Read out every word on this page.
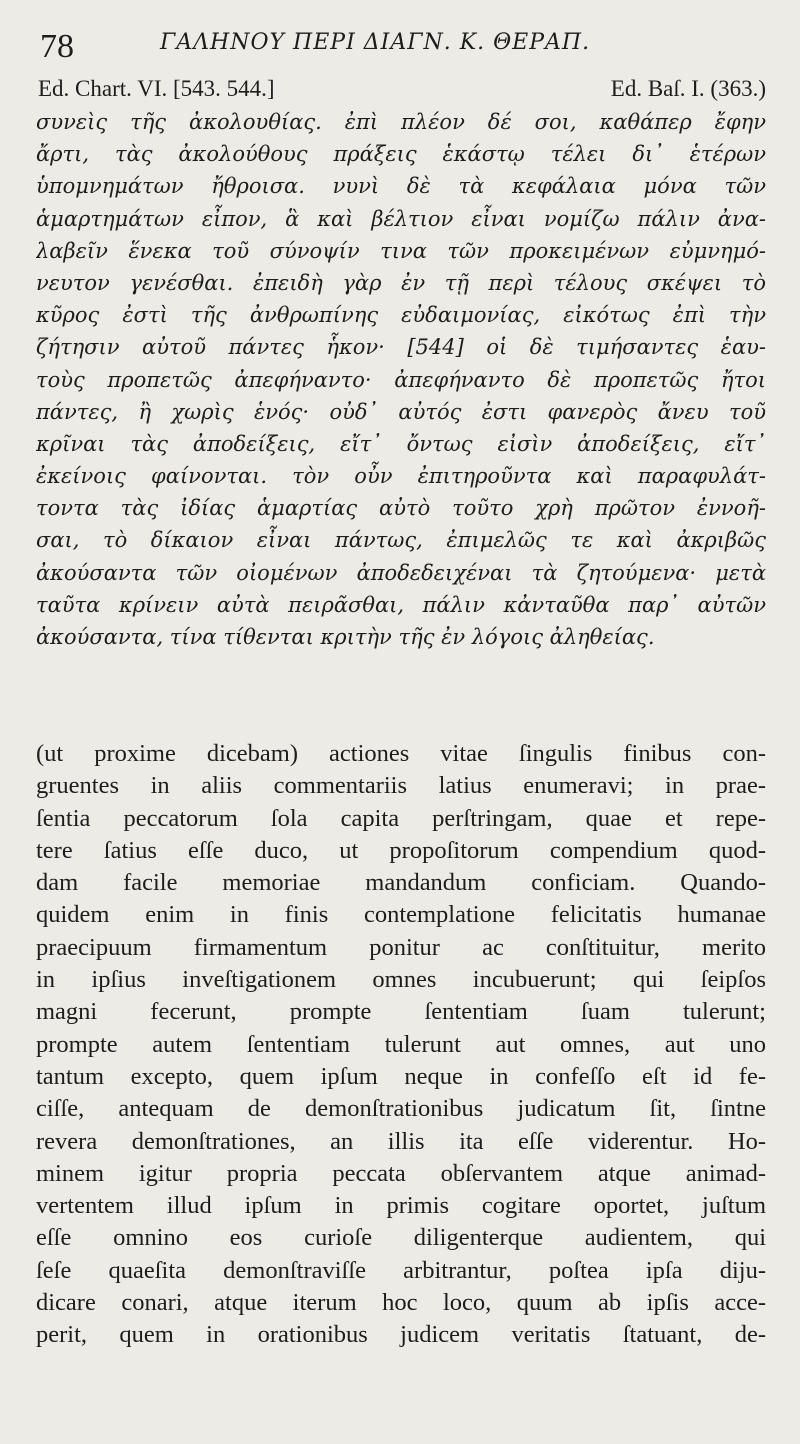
78	ΓΑΛΗΝΟΥ ΠΕΡΙ ΔΙΑΓΝ. Κ. ΘΕΡΑΠ.
Ed. Chart. VI. [543. 544.]	Ed. Baſ. I. (363.)
συνεὶς τῆς ἀκολουθίας. ἐπὶ πλέον δέ σοι, καθάπερ ἔφην
ἄρτι, τὰς ἀκολούθους πράξεις ἑκάστῳ τέλει δι᾽ ἑτέρων
ὑπομνημάτων ἤθροισα. νυνὶ δὲ τὰ κεφάλαια μόνα τῶν
ἁμαρτημάτων εἶπον, ἃ καὶ βέλτιον εἶναι νομίζω πάλιν ἀνα-
λαβεῖν ἕνεκα τοῦ σύνοψίν τινα τῶν προκειμένων εὐμνημό-
νευτον γενέσθαι. ἐπειδὴ γὰρ ἐν τῇ περὶ τέλους σκέψει τὸ
κῦρος ἐστὶ τῆς ἀνθρωπίνης εὐδαιμονίας, εἰκότως ἐπὶ τὴν
ζήτησιν αὐτοῦ πάντες ἧκον· [544] οἱ δὲ τιμήσαντες ἑαυ-
τοὺς προπετῶς ἀπεφήναντο· ἀπεφήναντο δὲ προπετῶς ἤτοι
πάντες, ἢ χωρὶς ἑνός· οὐδ᾽ αὐτός ἐστι φανερὸς ἄνευ τοῦ
κρῖναι τὰς ἀποδείξεις, εἴτ᾽ ὄντως εἰσὶν ἀποδείξεις, εἴτ᾽
ἐκείνοις φαίνονται. τὸν οὖν ἐπιτηροῦντα καὶ παραφυλάτ-
τοντα τὰς ἰδίας ἁμαρτίας αὐτὸ τοῦτο χρὴ πρῶτον ἐννοῆ-
σαι, τὸ δίκαιον εἶναι πάντως, ἐπιμελῶς τε καὶ ἀκριβῶς
ἀκούσαντα τῶν οἰομένων ἀποδεδειχέναι τὰ ζητούμενα· μετὰ
ταῦτα κρίνειν αὐτὰ πειρᾶσθαι, πάλιν κἀνταῦθα παρ᾽ αὐτῶν
ἀκούσαντα, τίνα τίθενται κριτὴν τῆς ἐν λόγοις ἀληθείας.
(ut proxime dicebam) actiones vitae ſingulis finibus con-
gruentes in aliis commentariis latius enumeravi; in prae-
ſentia peccatorum ſola capita perſtringam, quae et repe-
tere ſatius eſſe duco, ut propoſitorum compendium quod-
dam facile memoriae mandandum conficiam. Quando-
quidem enim in finis contemplatione felicitatis humanae
praecipuum firmamentum ponitur ac conſtituitur, merito
in ipſius inveſtigationem omnes incubuerunt; qui ſeipſos
magni fecerunt, prompte ſententiam ſuam tulerunt;
prompte autem ſententiam tulerunt aut omnes, aut uno
tantum excepto, quem ipſum neque in confeſſo eſt id fe-
ciſſe, antequam de demonſtrationibus judicatum ſit, ſintne
revera demonſtrationes, an illis ita eſſe viderentur. Ho-
minem igitur propria peccata obſervantem atque animad-
vertentem illud ipſum in primis cogitare oportet, juſtum
eſſe omnino eos curioſe diligenterque audientem, qui
ſeſe quaeſita demonſtraviſſe arbitrantur, poſtea ipſa diju-
dicare conari, atque iterum hoc loco, quum ab ipſis acce-
perit, quem in orationibus judicem veritatis ſtatuant, de-
